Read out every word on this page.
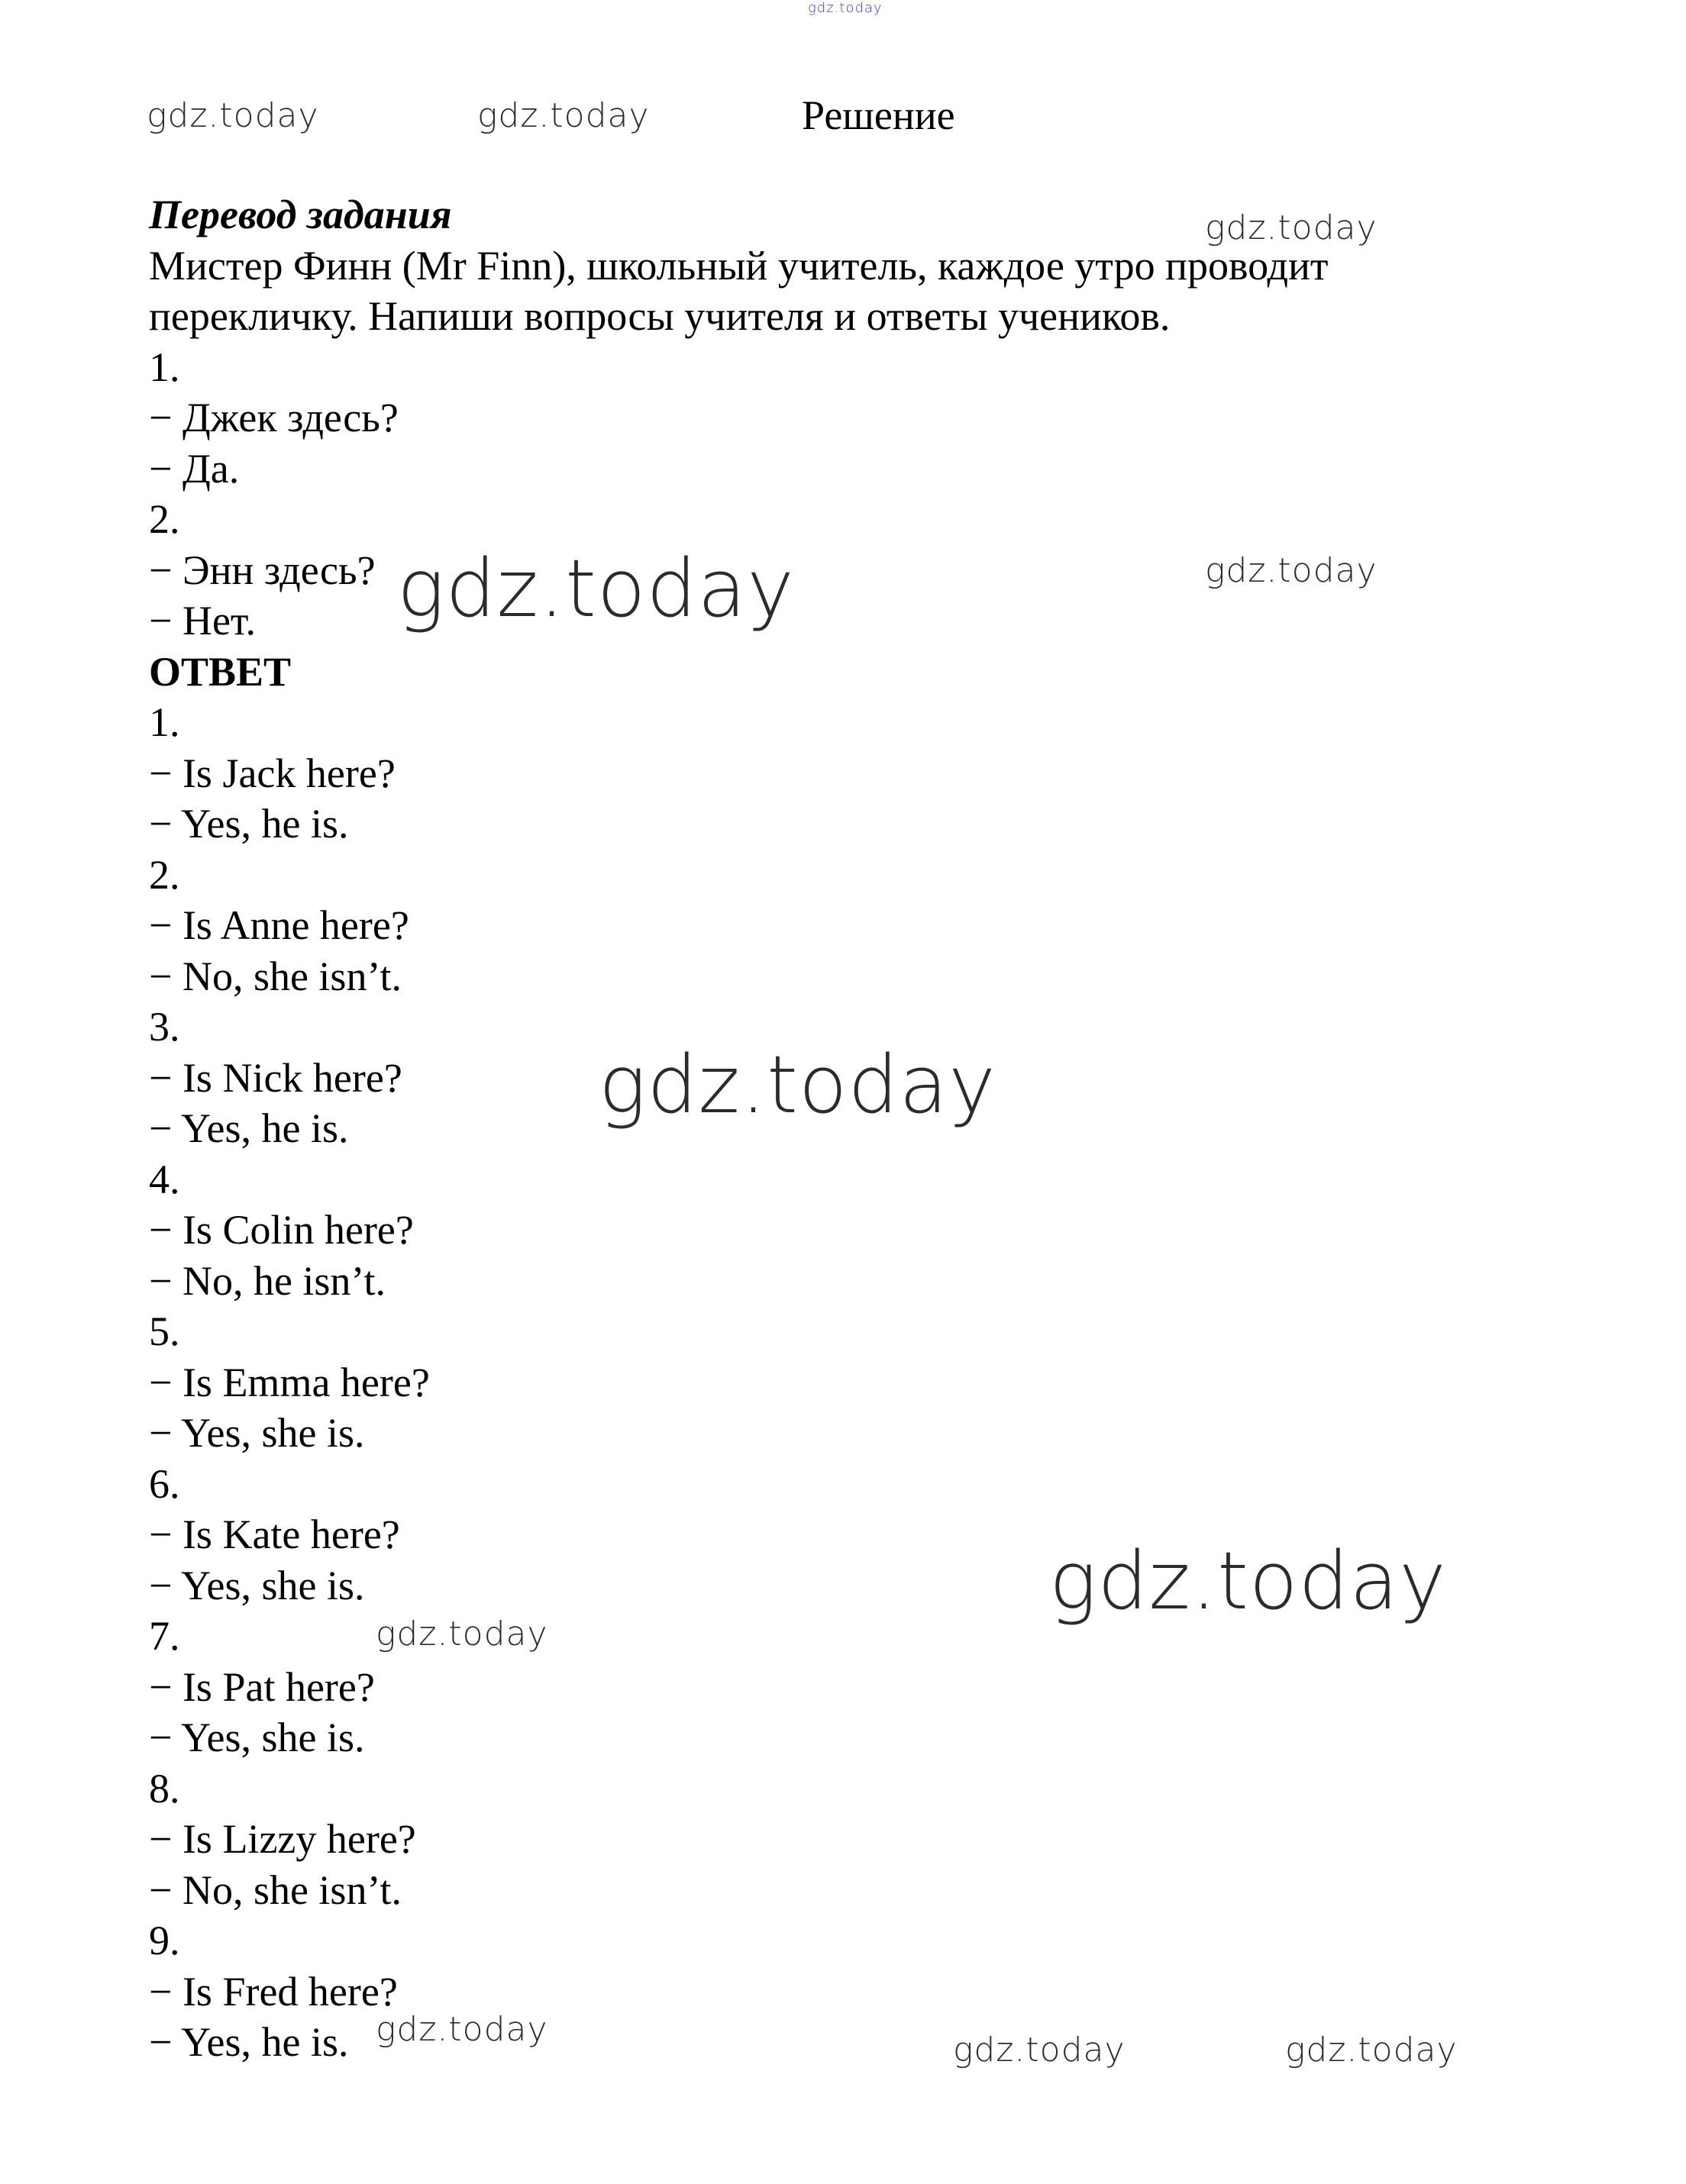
gdz.today
gdz.today	gdz.today
gdz.today
gdz.today	gdz.today
gdz.today
gdz.today
gdz.today
gdz.today
gdz.today	gdz.today
Решение
Перевод задания
Мистер Финн (Mr Finn), школьный учитель, каждое утро проводит
перекличку. Напиши вопросы учителя и ответы учеников.
1.
− Джек здесь?
− Да.
2.
− Энн здесь?
− Нет.
ОТВЕТ
1.
− Is Jack here?
− Yes, he is.
2.
− Is Anne here?
− No, she isn’t.
3.
− Is Nick here?
− Yes, he is.
4.
− Is Colin here?
− No, he isn’t.
5.
− Is Emma here?
− Yes, she is.
6.
− Is Kate here?
− Yes, she is.
7.
− Is Pat here?
− Yes, she is.
8.
− Is Lizzy here?
− No, she isn’t.
9.
− Is Fred here?
− Yes, he is.
